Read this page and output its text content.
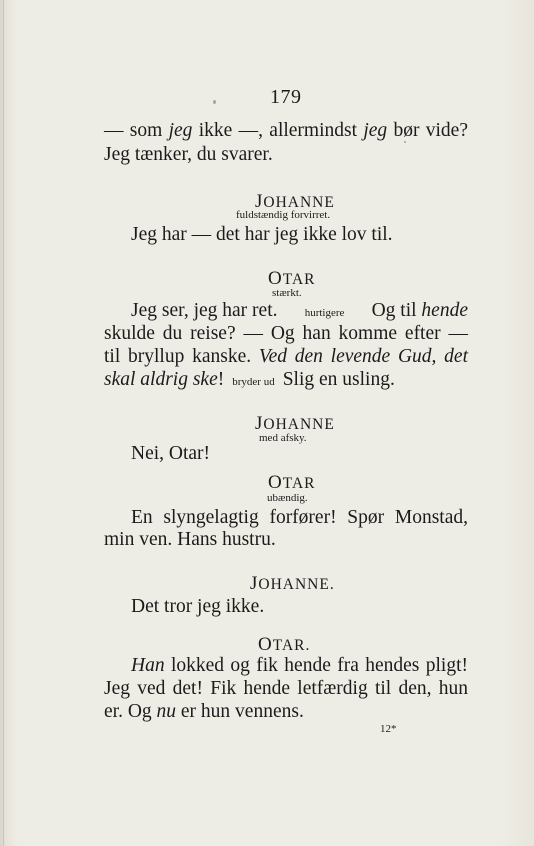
179
— som jeg ikke —, allermindst jeg bør vide?
Jeg tænker, du svarer.
JOHANNE
fuldstændig forvirret.
Jeg har — det har jeg ikke lov til.
OTAR
stærkt.
Jeg ser, jeg har ret. hurtigere Og til hende
skulde du reise? — Og han komme efter —
til bryllup kanske. Ved den levende Gud, det
skal aldrig ske! bryder ud Slig en usling.
JOHANNE
med afsky.
Nei, Otar!
OTAR
ubændig.
En slyngelagtig forfører! Spør Monstad,
min ven. Hans hustru.
JOHANNE.
Det tror jeg ikke.
OTAR.
Han lokked og fik hende fra hendes pligt!
Jeg ved det! Fik hende letfærdig til den, hun
er. Og nu er hun vennens.
12*
